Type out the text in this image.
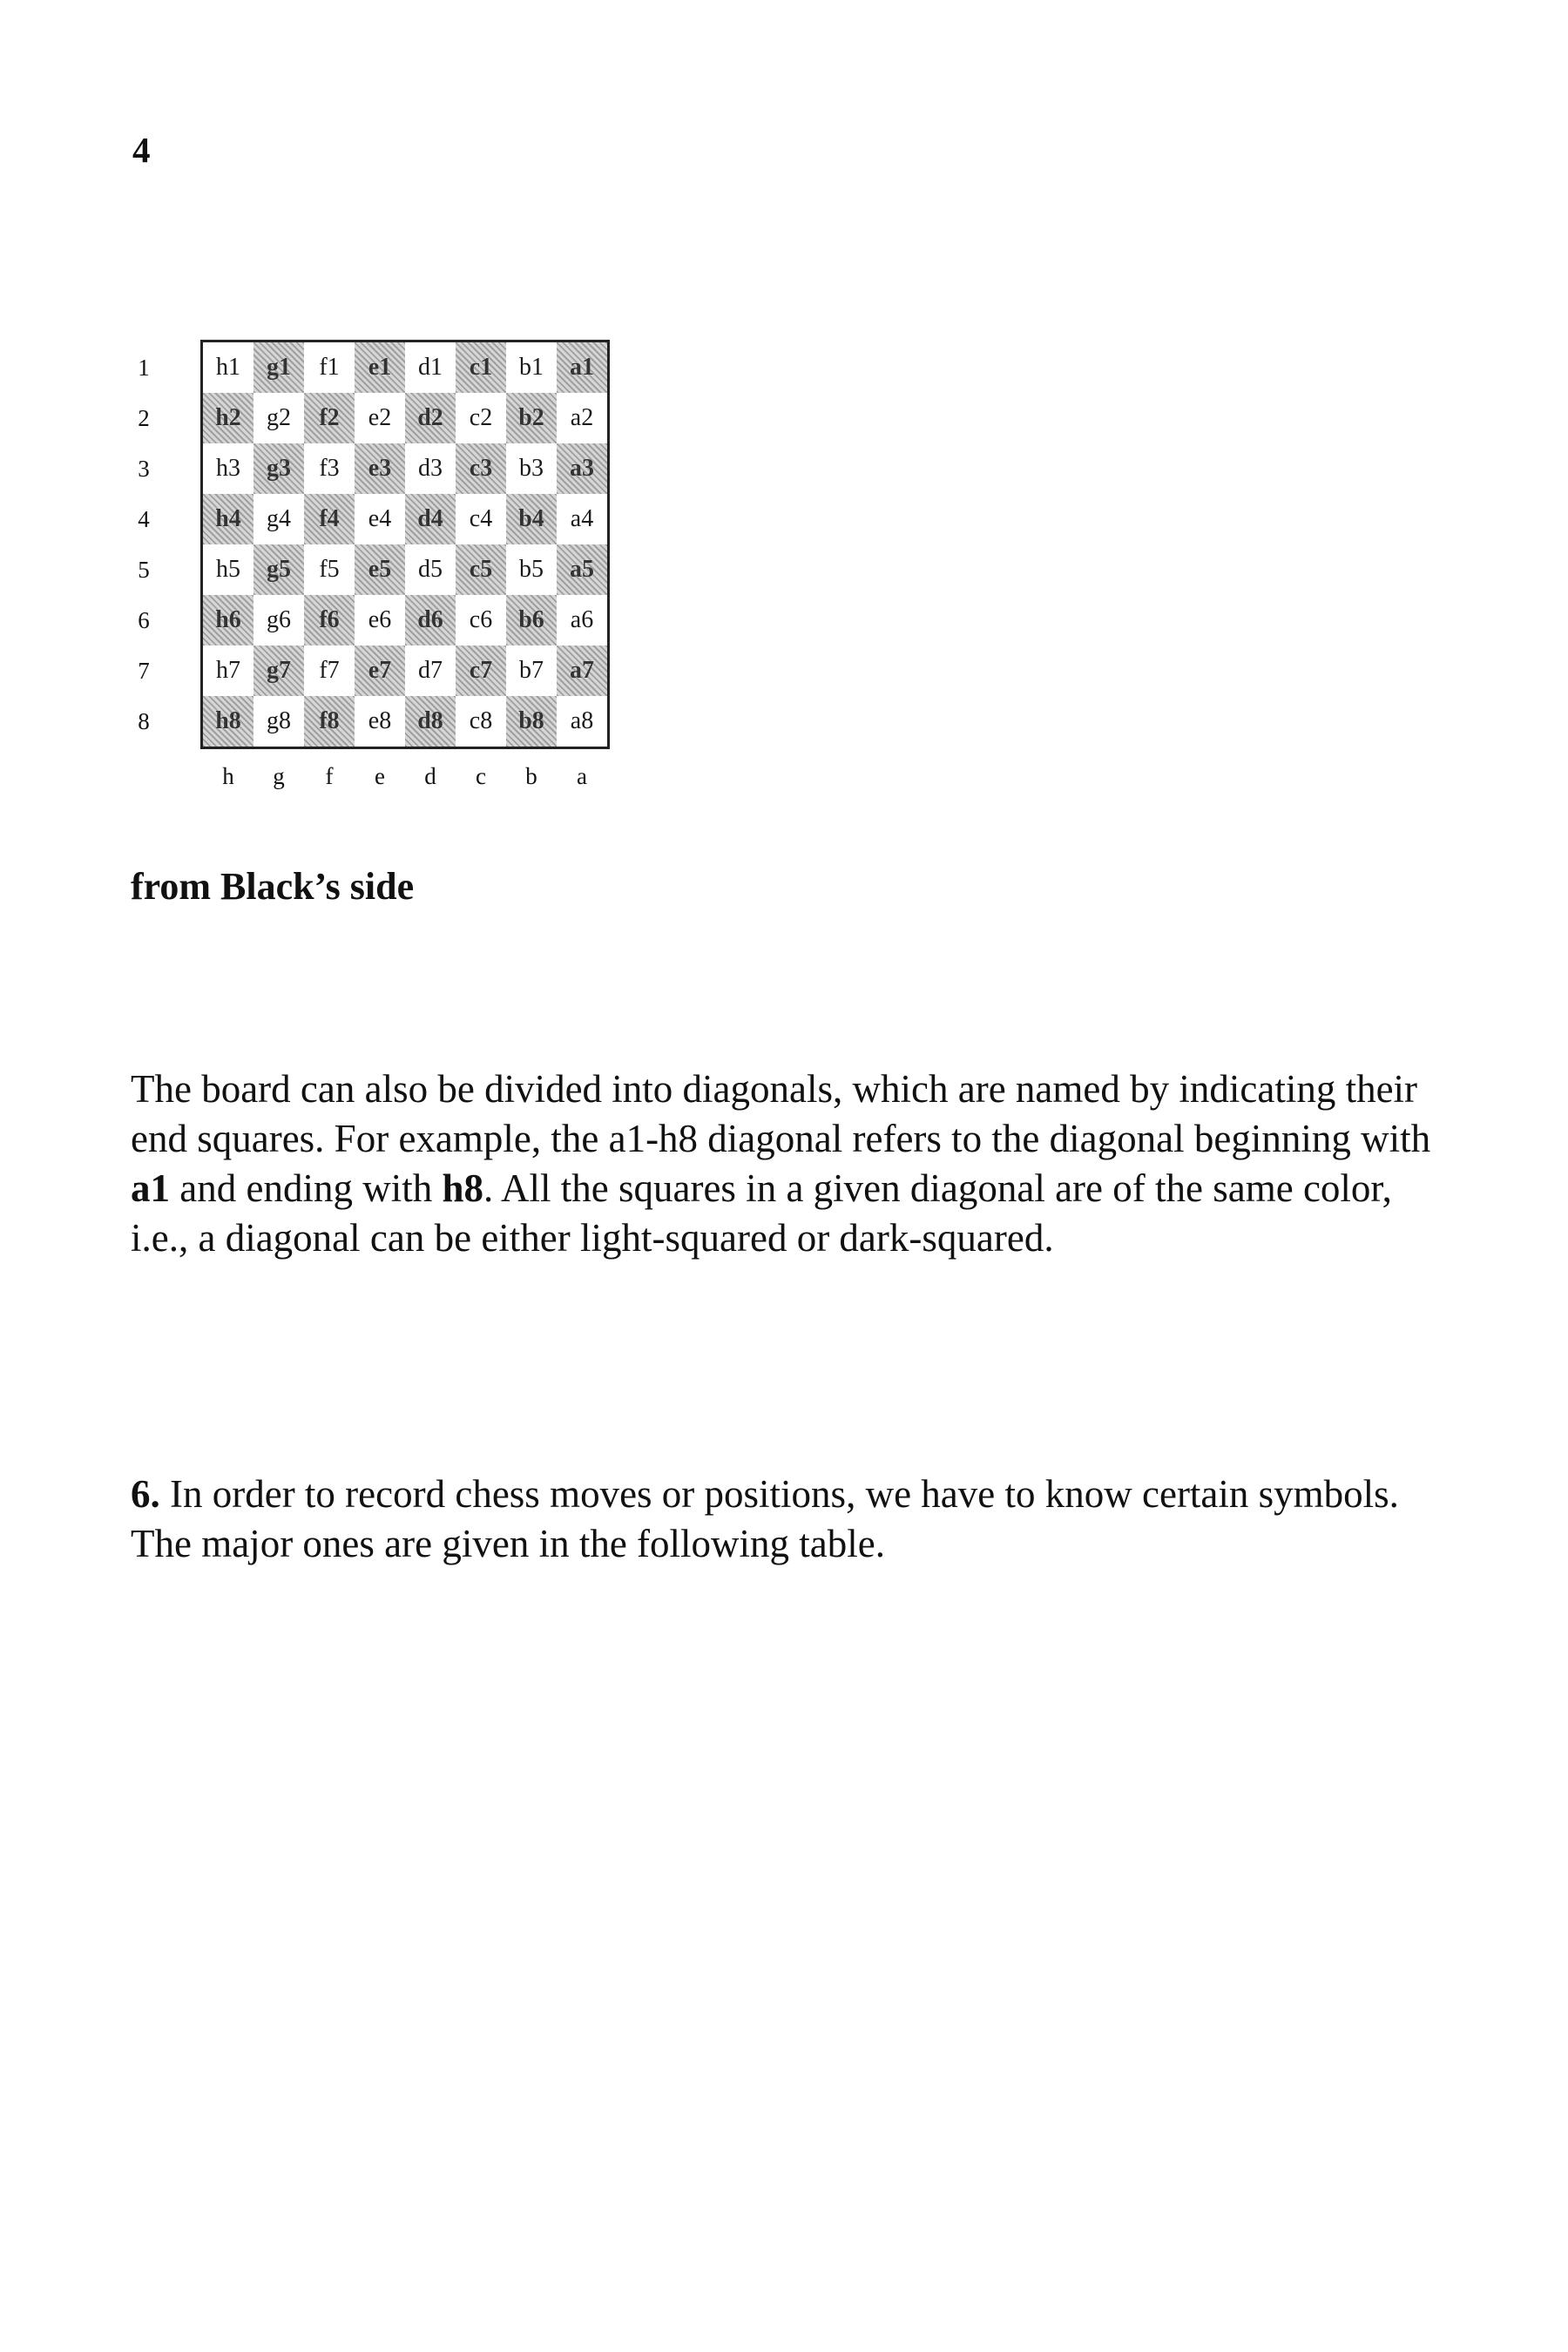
4
1
2
3
4
5
6
7
8
h1 g1 f1 e1 d1 c1 b1 a1
h2 g2 f2 e2 d2 c2 b2 a2
h3 g3 f3 e3 d3 c3 b3 a3
h4 g4 f4 e4 d4 c4 b4 a4
h5 g5 f5 e5 d5 c5 b5 a5
h6 g6 f6 e6 d6 c6 b6 a6
h7 g7 f7 e7 d7 c7 b7 a7
h8 g8 f8 e8 d8 c8 b8 a8
h	g	f	e	d	c	b	a
from Black’s side

The board can also be divided into diagonals, which are named by indicating their end squares. For example, the a1-h8 diagonal refers to the diagonal beginning with a1 and ending with h8. All the squares in a given diagonal are of the same color, i.e., a diagonal can be either light-squared or dark-squared.

6. In order to record chess moves or positions, we have to know certain symbols. The major ones are given in the following table.
